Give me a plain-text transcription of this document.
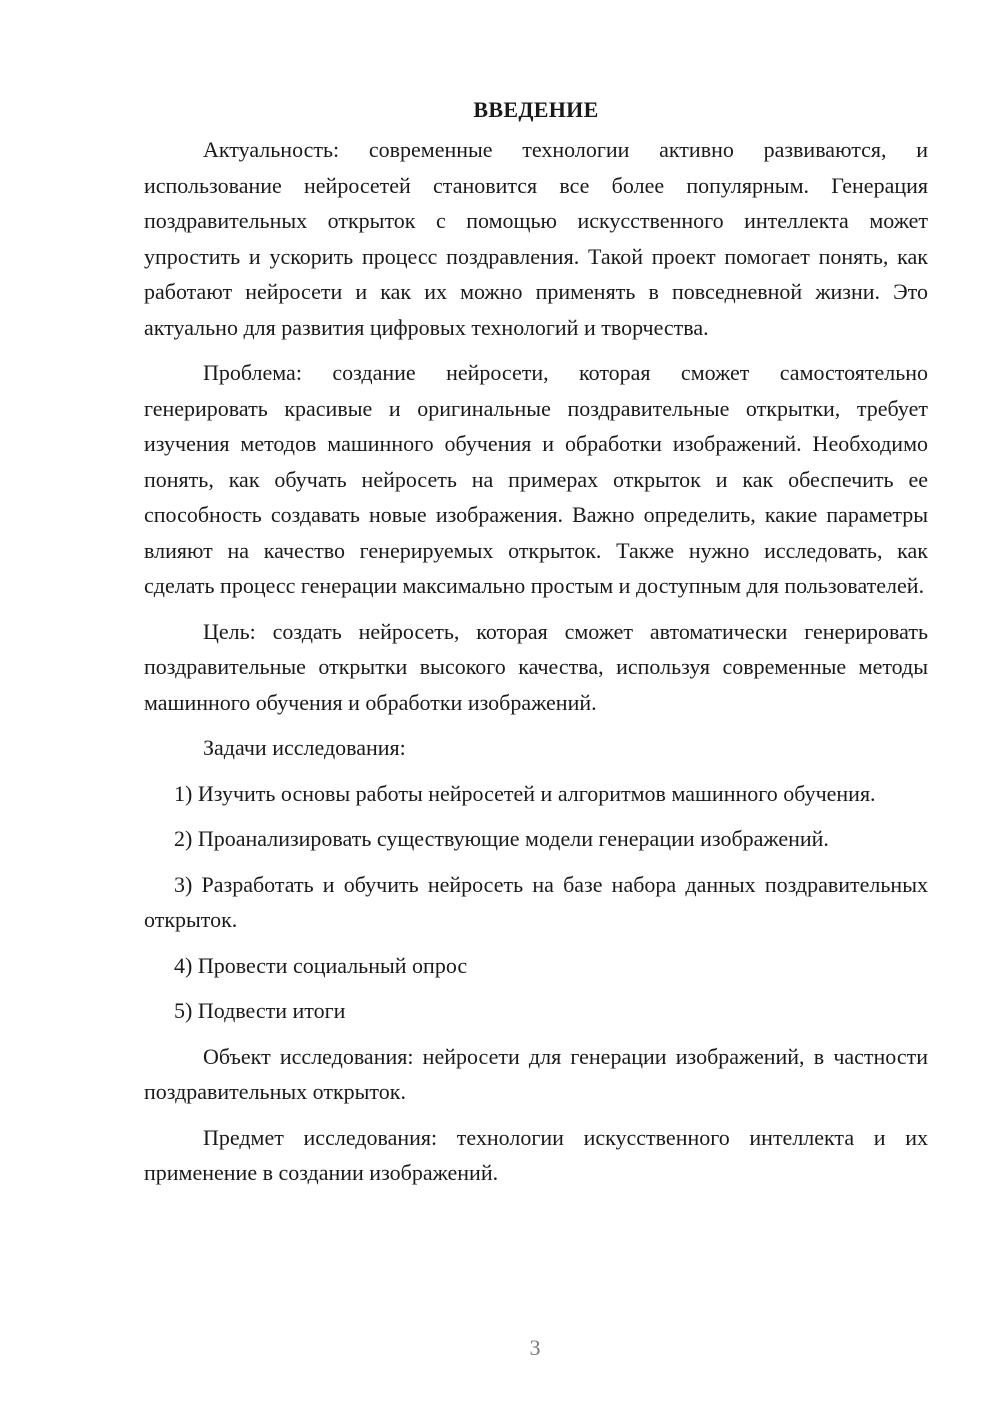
ВВЕДЕНИЕ

Актуальность: современные технологии активно развиваются, и использование нейросетей становится все более популярным. Генерация поздравительных открыток с помощью искусственного интеллекта может упростить и ускорить процесс поздравления. Такой проект помогает понять, как работают нейросети и как их можно применять в повседневной жизни. Это актуально для развития цифровых технологий и творчества.

Проблема: создание нейросети, которая сможет самостоятельно генерировать красивые и оригинальные поздравительные открытки, требует изучения методов машинного обучения и обработки изображений. Необходимо понять, как обучать нейросеть на примерах открыток и как обеспечить ее способность создавать новые изображения. Важно определить, какие параметры влияют на качество генерируемых открыток. Также нужно исследовать, как сделать процесс генерации максимально простым и доступным для пользователей.

Цель: создать нейросеть, которая сможет автоматически генерировать поздравительные открытки высокого качества, используя современные методы машинного обучения и обработки изображений.

Задачи исследования:

1) Изучить основы работы нейросетей и алгоритмов машинного обучения.

2) Проанализировать существующие модели генерации изображений.

3) Разработать и обучить нейросеть на базе набора данных поздравительных открыток.

4) Провести социальный опрос

5) Подвести итоги

Объект исследования: нейросети для генерации изображений, в частности поздравительных открыток.

Предмет исследования: технологии искусственного интеллекта и их применение в создании изображений.

3
